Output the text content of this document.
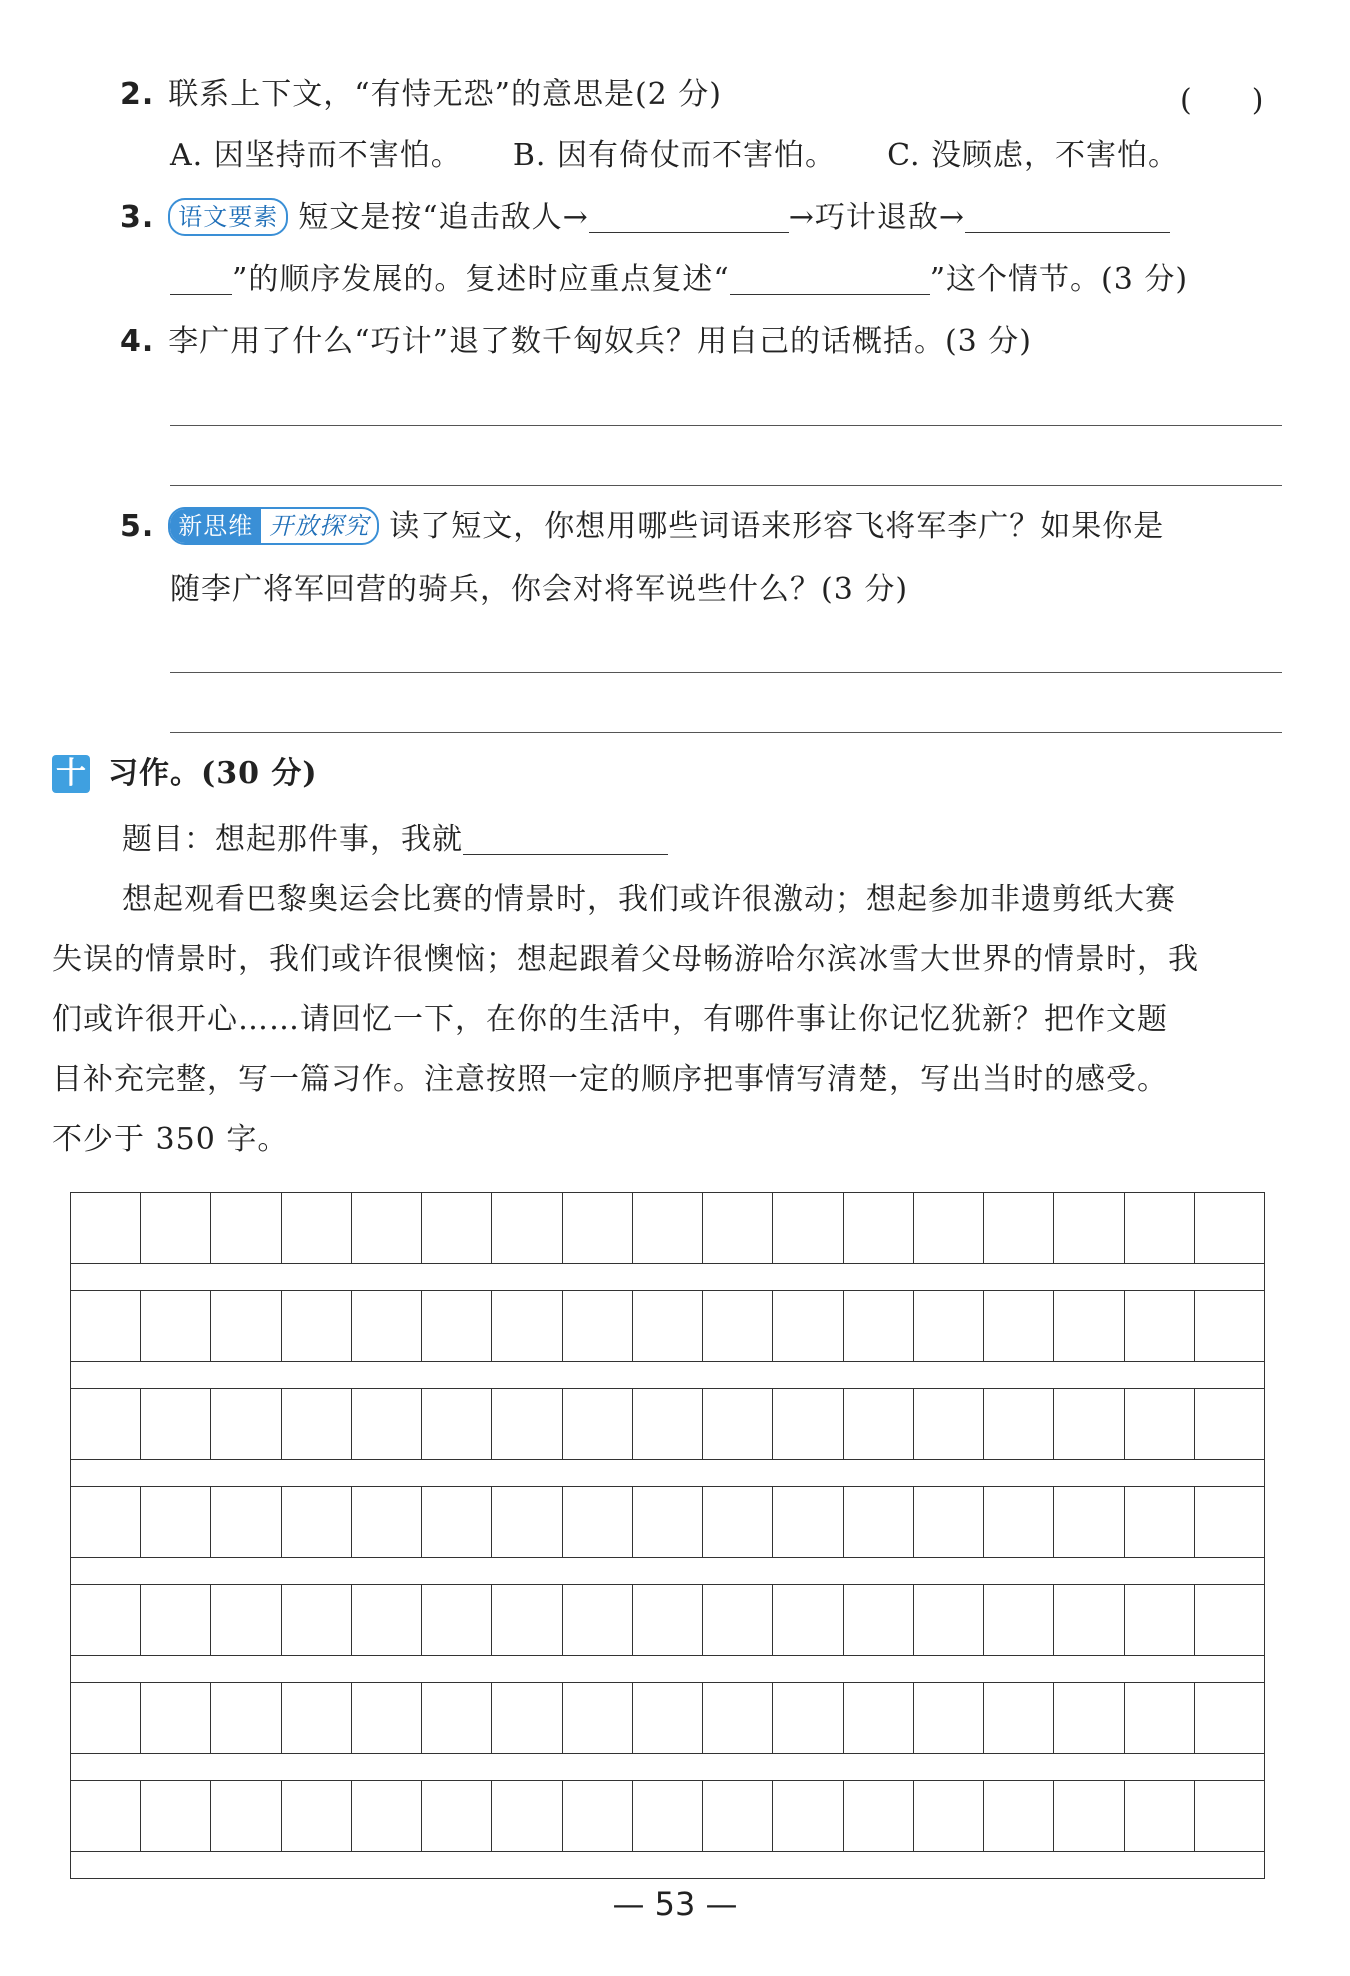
2. 联系上下文，“有恃无恐”的意思是(2 分)	(　　)
A. 因坚持而不害怕。 B. 因有倚仗而不害怕。 C. 没顾虑，不害怕。
3. 语文要素 短文是按“追击敌人→	→巧计退敌→
”的顺序发展的。复述时应重点复述“	”这个情节。(3 分)
4. 李广用了什么“巧计”退了数千匈奴兵？用自己的话概括。(3 分)
5.	新思维 开放探究 读了短文，你想用哪些词语来形容飞将军李广？如果你是
随李广将军回营的骑兵，你会对将军说些什么？(3 分)
十 习作。(30 分)
题目：想起那件事，我就
想起观看巴黎奥运会比赛的情景时，我们或许很激动；想起参加非遗剪纸大赛
失误的情景时，我们或许很懊恼；想起跟着父母畅游哈尔滨冰雪大世界的情景时，我
们或许很开心……请回忆一下，在你的生活中，有哪件事让你记忆犹新？把作文题
目补充完整，写一篇习作。注意按照一定的顺序把事情写清楚，写出当时的感受。
不少于 350 字。
— 53 —
